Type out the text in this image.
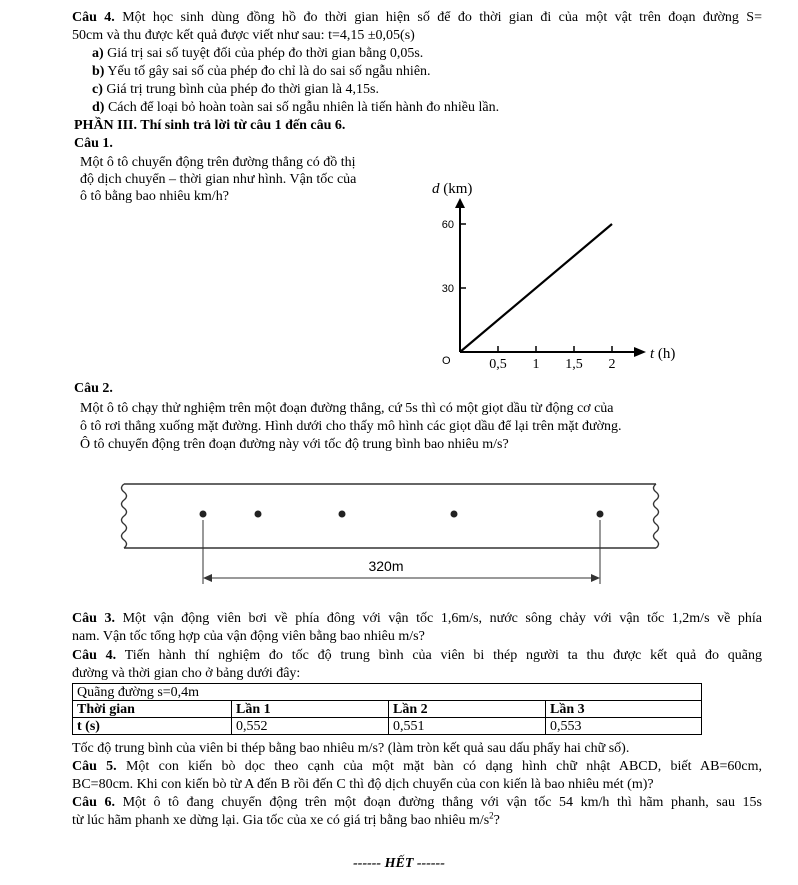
Câu 4. Một học sinh dùng đồng hồ đo thời gian hiện số để đo thời gian đi của một vật trên đoạn đường S=
50cm và thu được kết quả được viết như sau: t=4,15 ±0,05(s)
a) Giá trị sai số tuyệt đối của phép đo thời gian bằng 0,05s.
b) Yếu tố gây sai số của phép đo chỉ là do sai số ngẫu nhiên.
c) Giá trị trung bình của phép đo thời gian là 4,15s.
d) Cách để loại bỏ hoàn toàn sai số ngẫu nhiên là tiến hành đo nhiều lần.
PHẦN III. Thí sinh trả lời từ câu 1 đến câu 6.
Câu 1.
Một ô tô chuyển động trên đường thẳng có đồ thị
độ dịch chuyển – thời gian như hình. Vận tốc của
ô tô bằng bao nhiêu km/h?	d (km)
t (h)
O
60
30
0,5 1 1,5 2
Câu 2.
Một ô tô chạy thử nghiệm trên một đoạn đường thẳng, cứ 5s thì có một giọt dầu từ động cơ của
ô tô rơi thẳng xuống mặt đường. Hình dưới cho thấy mô hình các giọt dầu để lại trên mặt đường.
Ô tô chuyển động trên đoạn đường này với tốc độ trung bình bao nhiêu m/s?
320m
Câu 3. Một vận động viên bơi về phía đông với vận tốc 1,6m/s, nước sông chảy với vận tốc 1,2m/s về phía
nam. Vận tốc tổng hợp của vận động viên bằng bao nhiêu m/s?
Câu 4. Tiến hành thí nghiệm đo tốc độ trung bình của viên bi thép người ta thu được kết quả đo quãng
đường và thời gian cho ở bảng dưới đây:
Quãng đường s=0,4m			
Thời gian	Lần 1	Lần 2	Lần 3
t (s)	0,552	0,551	0,553
Tốc độ trung bình của viên bi thép bằng bao nhiêu m/s? (làm tròn kết quả sau dấu phẩy hai chữ số).
Câu 5. Một con kiến bò dọc theo cạnh của một mặt bàn có dạng hình chữ nhật ABCD, biết AB=60cm,
BC=80cm. Khi con kiến bò từ A đến B rồi đến C thì độ dịch chuyển của con kiến là bao nhiêu mét (m)?
Câu 6. Một ô tô đang chuyển động trên một đoạn đường thẳng với vận tốc 54 km/h thì hãm phanh, sau 15s
từ lúc hãm phanh xe dừng lại. Gia tốc của xe có giá trị bằng bao nhiêu $m/s^2$?
------ HẾT ------
